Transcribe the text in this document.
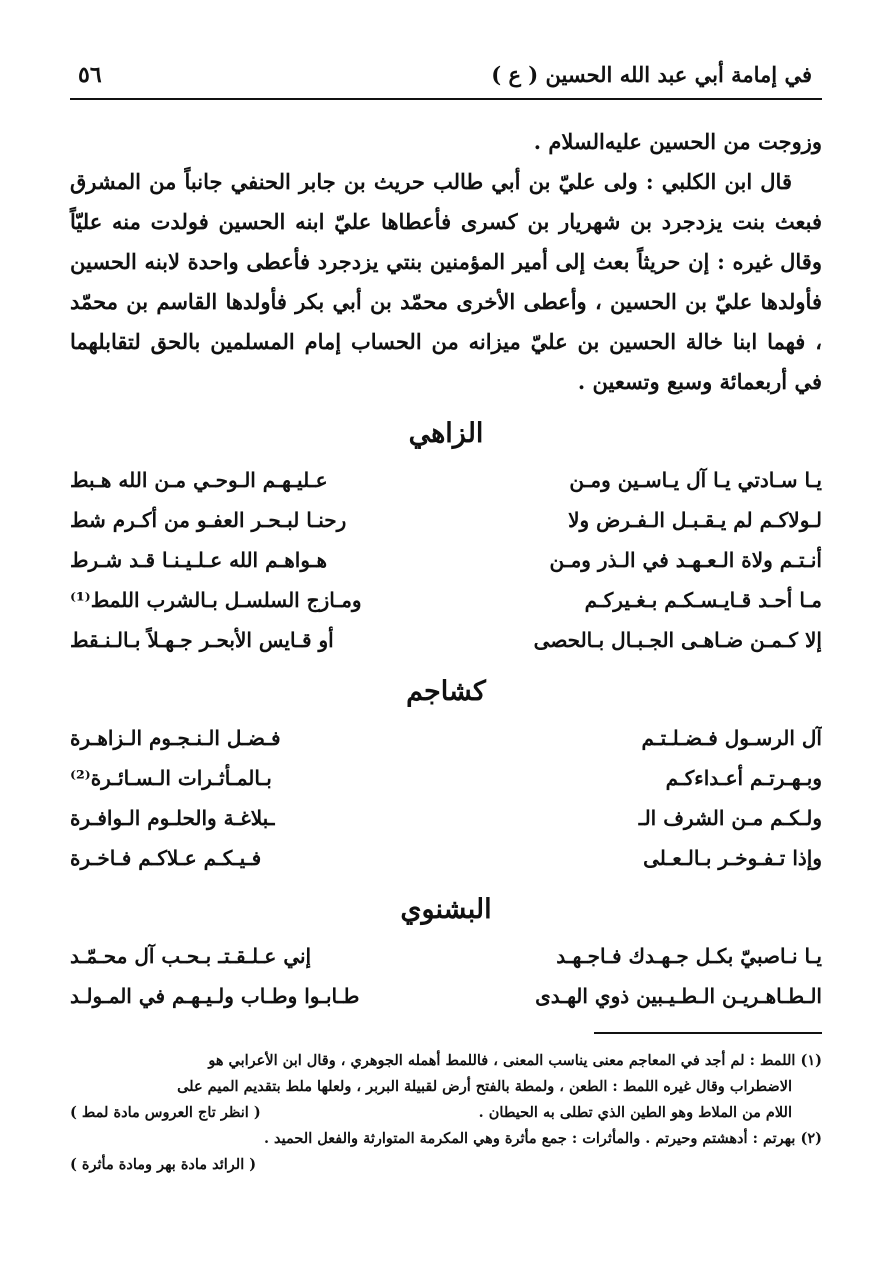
في إمامة أبي عبد الله الحسين ( ع )
٥٦

وزوجت من الحسين عليه‌السلام .

قال ابن الكلبي : ولى عليّ بن أبي طالب حريث بن جابر الحنفي جانباً من المشرق فبعث بنت يزدجرد بن شهريار بن كسرى فأعطاها عليّ ابنه الحسين فولدت منه عليّاً وقال غيره : إن حريثاً بعث إلى أمير المؤمنين بنتي يزدجرد فأعطى واحدة لابنه الحسين فأولدها عليّ بن الحسين ، وأعطى الأخرى محمّد بن أبي بكر فأولدها القاسم بن محمّد ، فهما ابنا خالة الحسين بن عليّ ميزانه من الحساب إمام المسلمين بالحق لتقابلهما في أربعمائة وسبع وتسعين .

الزاهي
يـا سـادتي يـا آل يـاسـين ومـن
عـليـهـم الـوحـي مـن الله هـبط
لـولاكـم لم يـقـبـل الـفـرض ولا
رحنـا لبـحـر العفـو من أكـرم شط
أنـتـم ولاة الـعـهـد في الـذر ومـن
هـواهـم الله عـلـيـنـا قـد شـرط
مـا أحـد قـايـسـكـم بـغـيركـم
ومـازج السلسـل بـالشرب اللمط⁽¹⁾
إلا كـمـن ضـاهـى الجـبـال بـالحصى
أو قـايس الأبحـر جـهـلاً بـالـنـقط
كشاجم
آل الرسـول فـضـلـتـم
فـضـل الـنـجـوم الـزاهـرة
وبـهـرتـم أعـداءكـم
بـالمـأثـرات الـسـائـرة⁽²⁾
ولـكـم مـن الشرف الـ
ـبلاغـة والحلـوم الـوافـرة
وإذا تـفـوخـر بـالـعـلى
فـيـكـم عـلاكـم فـاخـرة
البشنوي
يـا نـاصبيّ بكـل جـهـدك فـاجـهـد
إني عـلـقـتـ بـحـب آل محـمّـد
الـطـاهـريـن الـطـيـبين ذوي الهـدى
طـابـوا وطـاب ولـيـهـم في المـولـد

(١) اللمط : لم أجد في المعاجم معنى يناسب المعنى ، فاللمط أهمله الجوهري ، وقال ابن الأعرابي هو

الاضطراب وقال غيره اللمط : الطعن ، ولمطة بالفتح أرض لقبيلة البربر ، ولعلها ملط بتقديم الميم على

اللام من الملاط وهو الطين الذي تطلى به الحيطان .
( انظر تاج العروس مادة لمط )

(٢) بهرتم : أدهشتم وحيرتم . والمأثرات : جمع مأثرة وهي المكرمة المتوارثة والفعل الحميد .

( الرائد مادة بهر ومادة مأثرة )
